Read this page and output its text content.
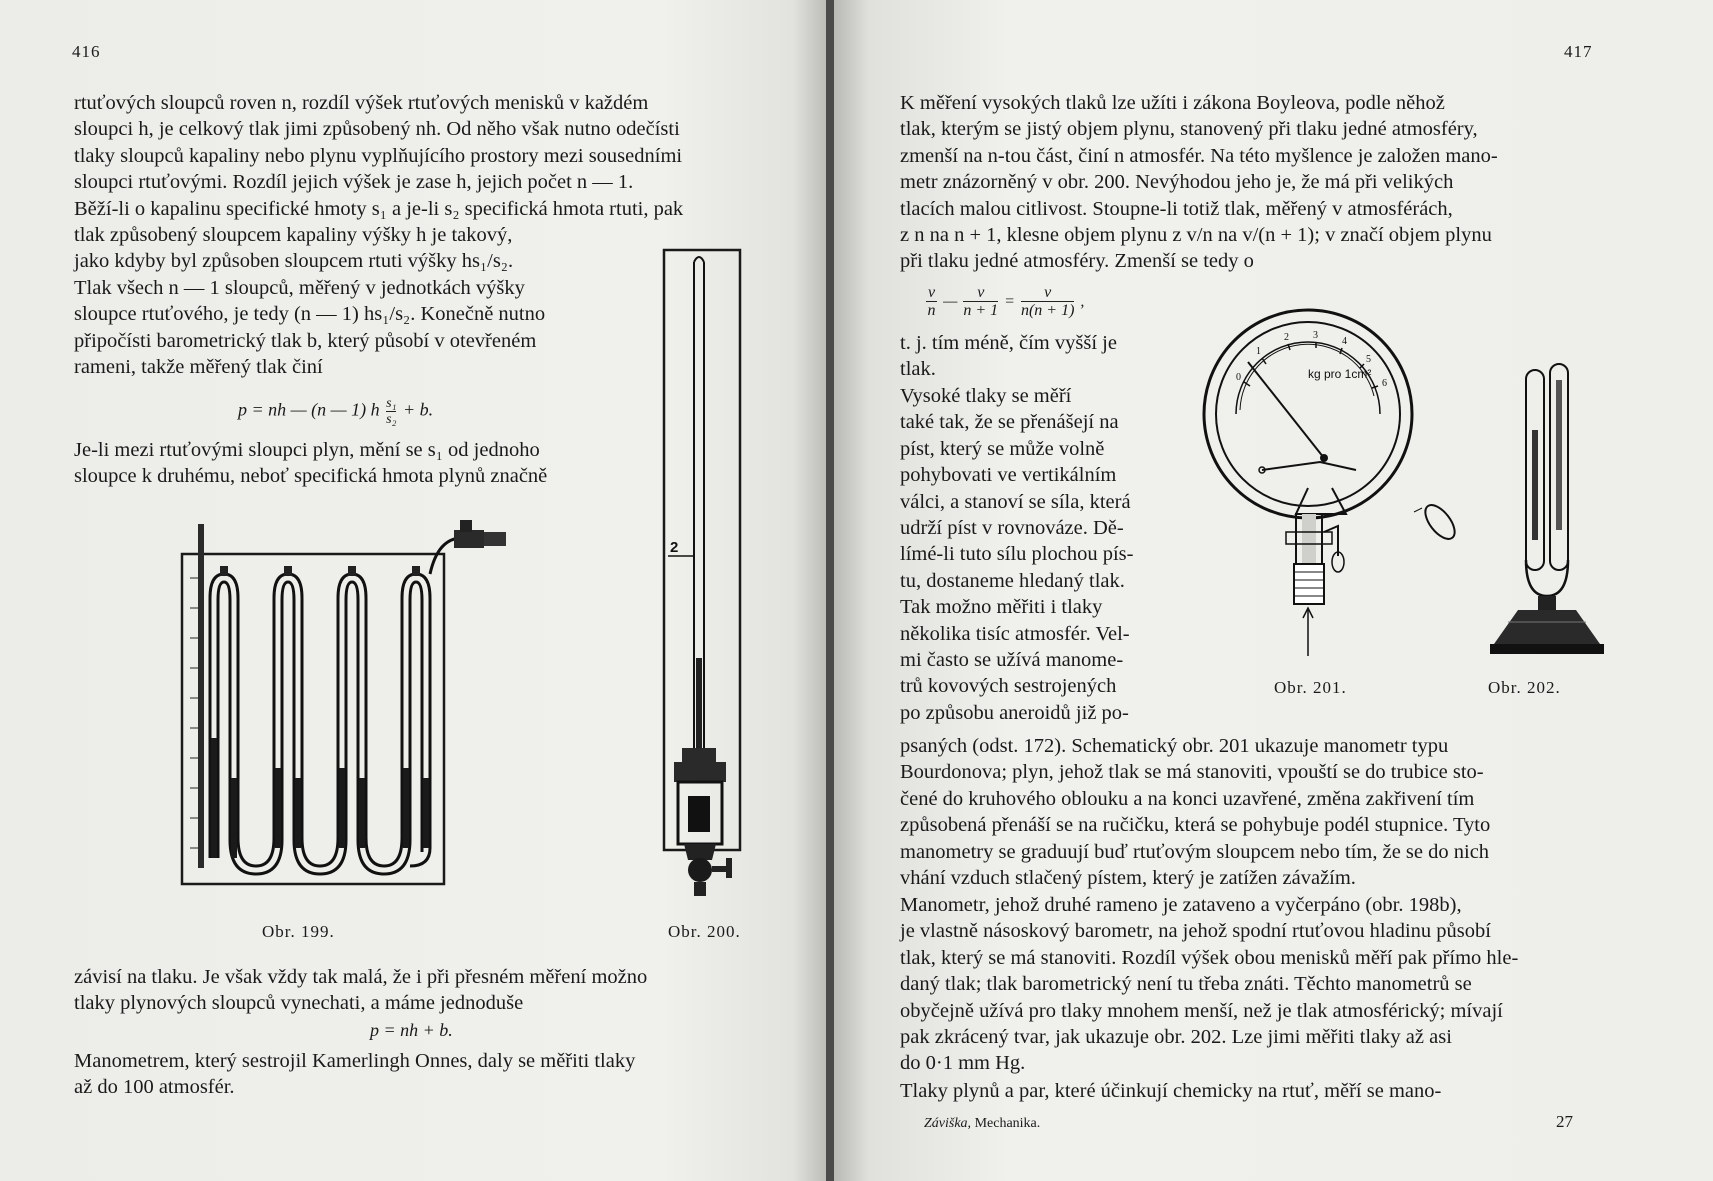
416
rtuťových sloupců roven n, rozdíl výšek rtuťových menisků v každém
sloupci h, je celkový tlak jimi způsobený nh. Od něho však nutno odečísti
tlaky sloupců kapaliny nebo plynu vyplňujícího prostory mezi sousedními
sloupci rtuťovými. Rozdíl jejich výšek je zase h, jejich počet n — 1.
Běží-li o kapalinu specifické hmoty s₁ a je-li s₂ specifická hmota rtuti, pak
tlak způsobený sloupcem kapaliny výšky h je takový,
jako kdyby byl způsoben sloupcem rtuti výšky hs₁/s₂.
Tlak všech n — 1 sloupců, měřený v jednotkách výšky
sloupce rtuťového, je tedy (n — 1) hs₁/s₂. Konečně nutno
připočísti barometrický tlak b, který působí v otevřeném
rameni, takže měřený tlak činí
p = nh — (n — 1) h $\frac{\text{s₁}}{\text{s₂}} + b$.
Je-li mezi rtuťovými sloupci plyn, mění se s₁ od jednoho
sloupce k druhému, neboť specifická hmota plynů značně
2
Obr. 199.	Obr. 200.
závisí na tlaku. Je však vždy tak malá, že i při přesném měření možno
tlaky plynových sloupců vynechati, a máme jednoduše
p = nh + b.
Manometrem, který sestrojil Kamerlingh Onnes, daly se měřiti tlaky
až do 100 atmosfér.
417
K měření vysokých tlaků lze užíti i zákona Boyleova, podle něhož
tlak, kterým se jistý objem plynu, stanovený při tlaku jedné atmosféry,
zmenší na n-tou část, činí n atmosfér. Na této myšlence je založen mano-
metr znázorněný v obr. 200. Nevýhodou jeho je, že má při velikých
tlacích malou citlivost. Stoupne-li totiž tlak, měřený v atmosférách,
z n na n + 1, klesne objem plynu z v/n na v/(n + 1); v značí objem plynu
při tlaku jedné atmosféry. Zmenší se tedy o
v
n
— $\frac{v}{n + 1} = \frac{v}{n(n + 1)}$ ,
t. j. tím méně, čím vyšší je
tlak.
Vysoké tlaky se měří
také tak, že se přenášejí na
píst, který se může volně
pohybovati ve vertikálním
válci, a stanoví se síla, která
udrží píst v rovnováze. Dě-
límé-li tuto sílu plochou pís-
tu, dostaneme hledaný tlak.
Tak možno měřiti i tlaky
několika tisíc atmosfér. Vel-
mi často se užívá manome-
trů kovových sestrojených
po způsobu aneroidů již po-
0
1
2 3
4
5
6
kg pro 1cm²
Obr. 201.	Obr. 202.
psaných (odst. 172). Schematický obr. 201 ukazuje manometr typu
Bourdonova; plyn, jehož tlak se má stanoviti, vpouští se do trubice sto-
čené do kruhového oblouku a na konci uzavřené, změna zakřivení tím
způsobená přenáší se na ručičku, která se pohybuje podél stupnice. Tyto
manometry se graduují buď rtuťovým sloupcem nebo tím, že se do nich
vhání vzduch stlačený pístem, který je zatížen závažím.
Manometr, jehož druhé rameno je zataveno a vyčerpáno (obr. 198b),
je vlastně násoskový barometr, na jehož spodní rtuťovou hladinu působí
tlak, který se má stanoviti. Rozdíl výšek obou menisků měří pak přímo hle-
daný tlak; tlak barometrický není tu třeba znáti. Těchto manometrů se
obyčejně užívá pro tlaky mnohem menší, než je tlak atmosférický; mívají
pak zkrácený tvar, jak ukazuje obr. 202. Lze jimi měřiti tlaky až asi
do 0·1 mm Hg.
Tlaky plynů a par, které účinkují chemicky na rtuť, měří se mano-
Záviška, Mechanika.	27
